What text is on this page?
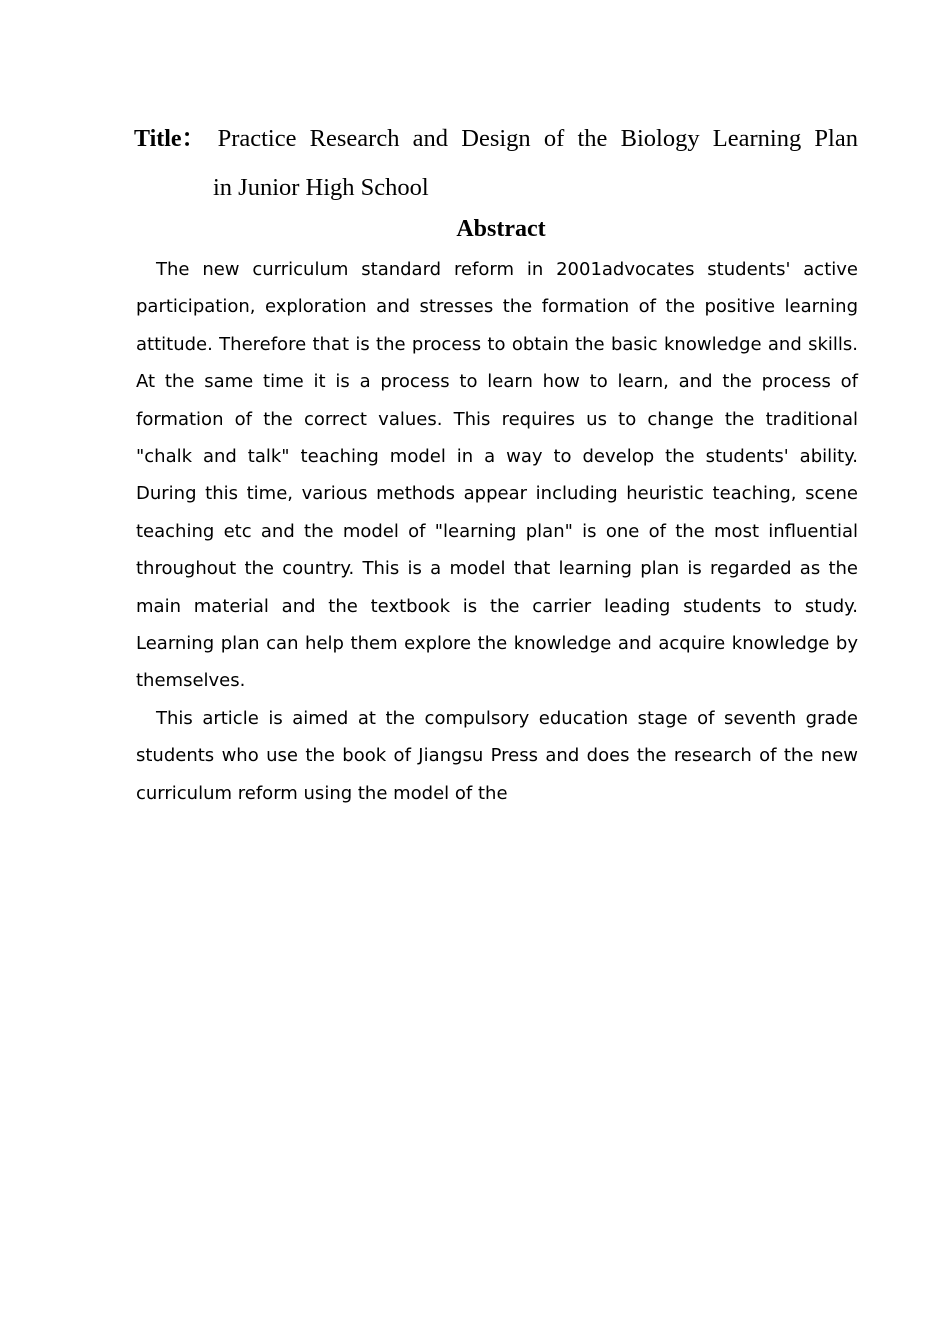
Title： Practice Research and Design of the Biology Learning Plan
in Junior High School
Abstract

The new curriculum standard reform in 2001advocates students' active participation, exploration and stresses the formation of the positive learning attitude. Therefore that is the process to obtain the basic knowledge and skills. At the same time it is a process to learn how to learn, and the process of formation of the correct values. This requires us to change the traditional "chalk and talk" teaching model in a way to develop the students' ability. During this time, various methods appear including heuristic teaching, scene teaching etc and the model of "learning plan" is one of the most influential throughout the country. This is a model that learning plan is regarded as the main material and the textbook is the carrier leading students to study. Learning plan can help them explore the knowledge and acquire knowledge by themselves.

This article is aimed at the compulsory education stage of seventh grade students who use the book of Jiangsu Press and does the research of the new curriculum reform using the model of the
